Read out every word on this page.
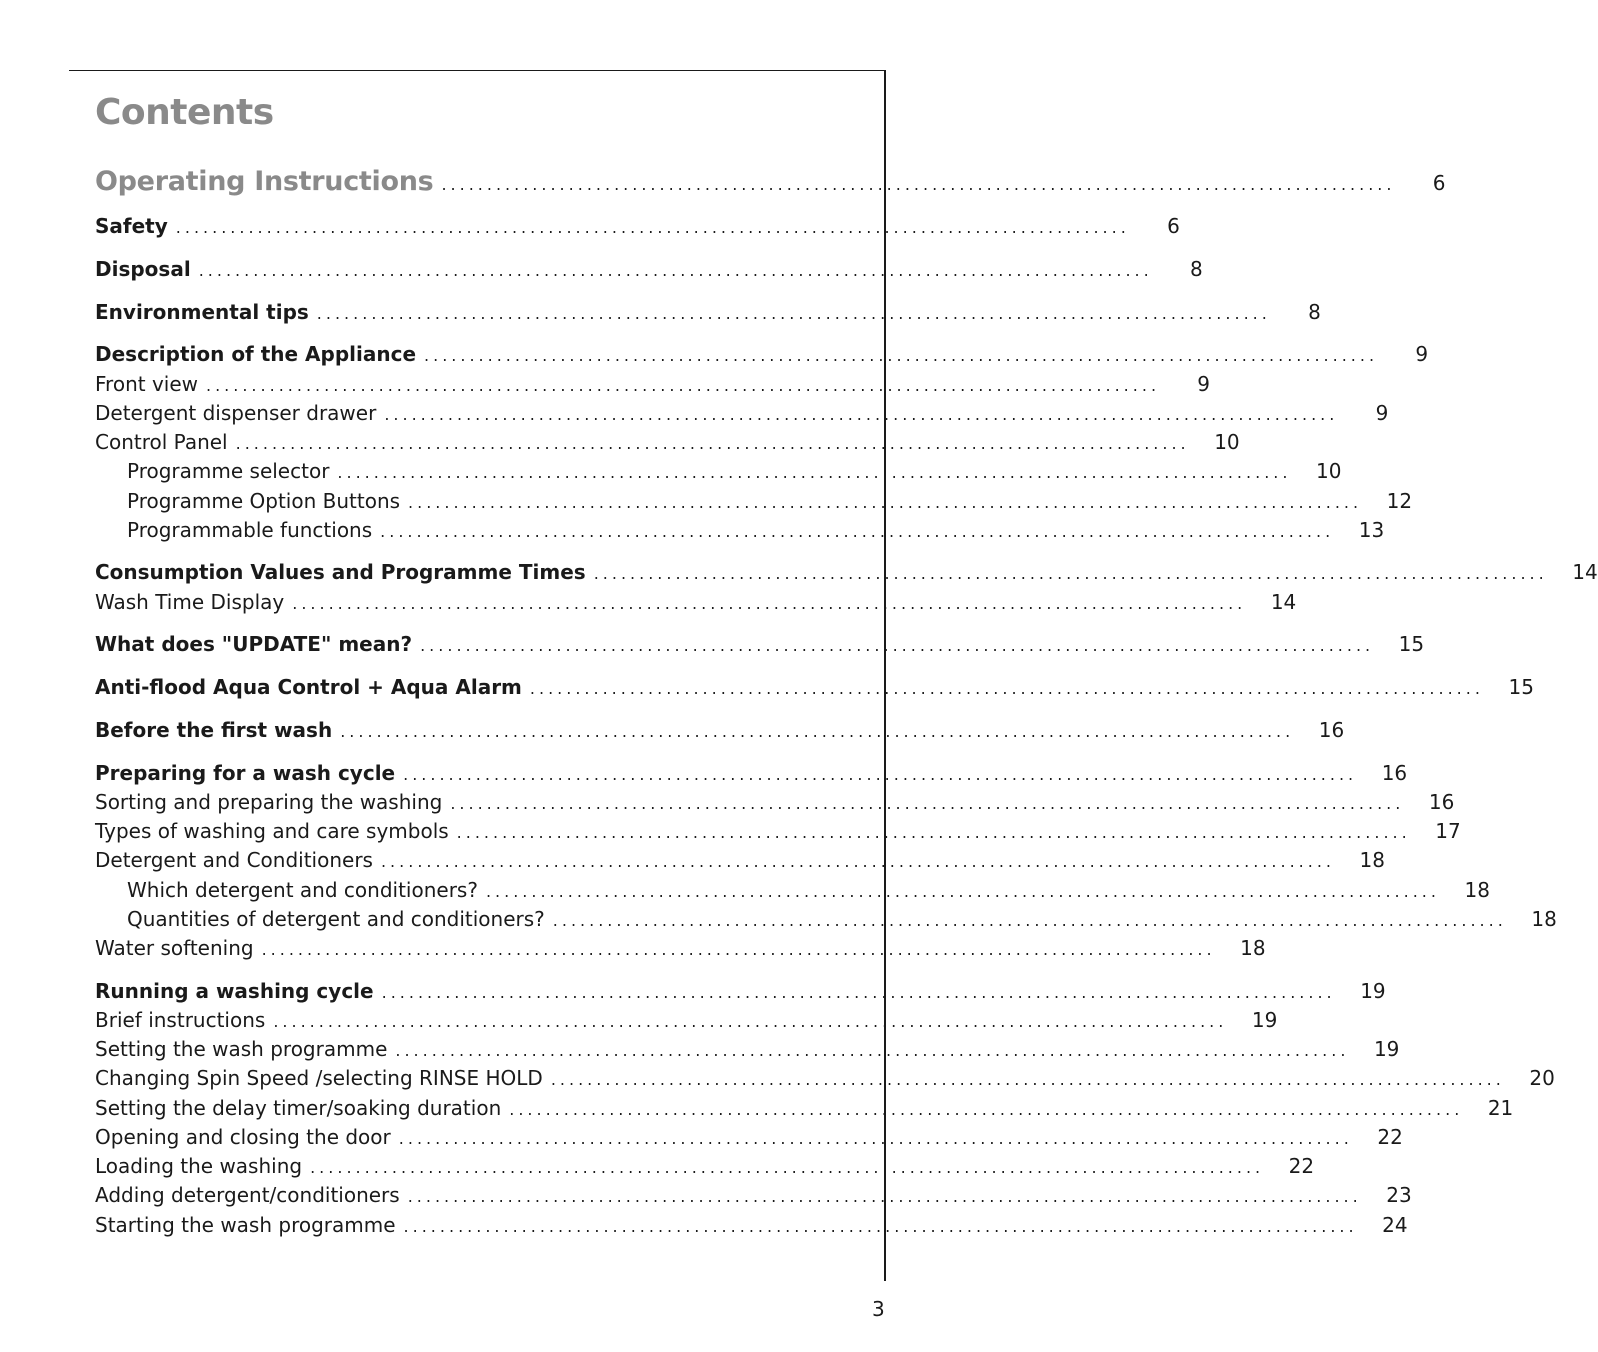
Contents
Operating Instructions .........................................................................................................	6
Safety .........................................................................................................	6
Disposal .........................................................................................................	8
Environmental tips .........................................................................................................	8
Description of the Appliance .........................................................................................................	9
Front view .........................................................................................................	9
Detergent dispenser drawer .........................................................................................................	9
Control Panel .........................................................................................................	10
Programme selector .........................................................................................................	10
Programme Option Buttons .........................................................................................................	12
Programmable functions .........................................................................................................	13
Consumption Values and Programme Times .........................................................................................................	14
Wash Time Display .........................................................................................................	14
What does "UPDATE" mean? .........................................................................................................	15
Anti-flood Aqua Control + Aqua Alarm .........................................................................................................	15
Before the first wash .........................................................................................................	16
Preparing for a wash cycle .........................................................................................................	16
Sorting and preparing the washing .........................................................................................................	16
Types of washing and care symbols .........................................................................................................	17
Detergent and Conditioners .........................................................................................................	18
Which detergent and conditioners? .........................................................................................................	18
Quantities of detergent and conditioners? .........................................................................................................	18
Water softening .........................................................................................................	18
Running a washing cycle .........................................................................................................	19
Brief instructions .........................................................................................................	19
Setting the wash programme .........................................................................................................	19
Changing Spin Speed /selecting RINSE HOLD .........................................................................................................	20
Setting the delay timer/soaking duration .........................................................................................................	21
Opening and closing the door .........................................................................................................	22
Loading the washing .........................................................................................................	22
Adding detergent/conditioners .........................................................................................................	23
Starting the wash programme .........................................................................................................	24
3
